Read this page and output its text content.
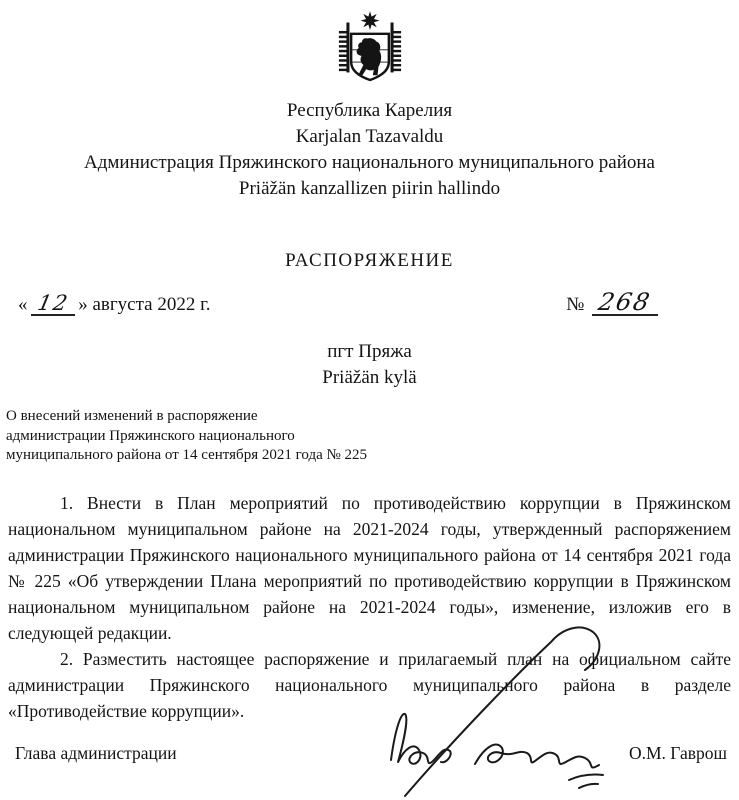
Республика Карелия
Karjalan Tazavaldu
Администрация Пряжинского национального муниципального района
Priäžän kanzallizen piirin hallindo
РАСПОРЯЖЕНИЕ
« 12 » августа 2022 г.	№ 268
пгт Пряжа
Priäžän kylä
О внесений изменений в распоряжение
администрации Пряжинского национального
муниципального района от 14 сентября 2021 года № 225

1. Внести в План мероприятий по противодействию коррупции в Пряжинском национальном муниципальном районе на 2021-2024 годы, утвержденный распоряжением администрации Пряжинского национального муниципального района от 14 сентября 2021 года № 225 «Об утверждении Плана мероприятий по противодействию коррупции в Пряжинском национальном муниципальном районе на 2021-2024 годы», изменение, изложив его в следующей редакции.

2. Разместить настоящее распоряжение и прилагаемый план на официальном сайте администрации Пряжинского национального муниципального района в разделе «Противодействие коррупции».

Глава администрации	О.М. Гаврош
